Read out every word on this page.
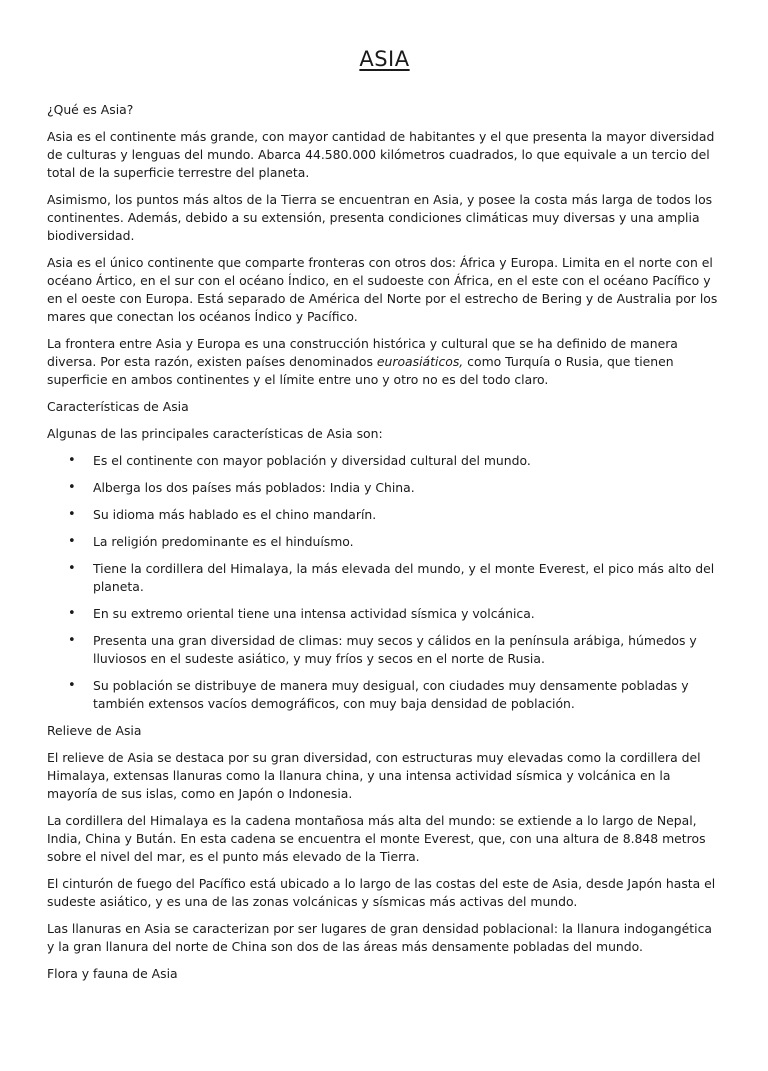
ASIA

¿Qué es Asia?

Asia es el continente más grande, con mayor cantidad de habitantes y el que presenta la mayor diversidad de culturas y lenguas del mundo. Abarca 44.580.000 kilómetros cuadrados, lo que equivale a un tercio del total de la superficie terrestre del planeta.

Asimismo, los puntos más altos de la Tierra se encuentran en Asia, y posee la costa más larga de todos los continentes. Además, debido a su extensión, presenta condiciones climáticas muy diversas y una amplia biodiversidad.

Asia es el único continente que comparte fronteras con otros dos: África y Europa. Limita en el norte con el océano Ártico, en el sur con el océano Índico, en el sudoeste con África, en el este con el océano Pacífico y en el oeste con Europa. Está separado de América del Norte por el estrecho de Bering y de Australia por los mares que conectan los océanos Índico y Pacífico.

La frontera entre Asia y Europa es una construcción histórica y cultural que se ha definido de manera diversa. Por esta razón, existen países denominados euroasiáticos, como Turquía o Rusia, que tienen superficie en ambos continentes y el límite entre uno y otro no es del todo claro.

Características de Asia

Algunas de las principales características de Asia son:

• Es el continente con mayor población y diversidad cultural del mundo.
• Alberga los dos países más poblados: India y China.
• Su idioma más hablado es el chino mandarín.
• La religión predominante es el hinduísmo.
• Tiene la cordillera del Himalaya, la más elevada del mundo, y el monte Everest, el pico más alto del planeta.
• En su extremo oriental tiene una intensa actividad sísmica y volcánica.
• Presenta una gran diversidad de climas: muy secos y cálidos en la península arábiga, húmedos y lluviosos en el sudeste asiático, y muy fríos y secos en el norte de Rusia.
• Su población se distribuye de manera muy desigual, con ciudades muy densamente pobladas y también extensos vacíos demográficos, con muy baja densidad de población.

Relieve de Asia

El relieve de Asia se destaca por su gran diversidad, con estructuras muy elevadas como la cordillera del Himalaya, extensas llanuras como la llanura china, y una intensa actividad sísmica y volcánica en la mayoría de sus islas, como en Japón o Indonesia.

La cordillera del Himalaya es la cadena montañosa más alta del mundo: se extiende a lo largo de Nepal, India, China y Bután. En esta cadena se encuentra el monte Everest, que, con una altura de 8.848 metros sobre el nivel del mar, es el punto más elevado de la Tierra.

El cinturón de fuego del Pacífico está ubicado a lo largo de las costas del este de Asia, desde Japón hasta el sudeste asiático, y es una de las zonas volcánicas y sísmicas más activas del mundo.

Las llanuras en Asia se caracterizan por ser lugares de gran densidad poblacional: la llanura indogangética y la gran llanura del norte de China son dos de las áreas más densamente pobladas del mundo.

Flora y fauna de Asia
